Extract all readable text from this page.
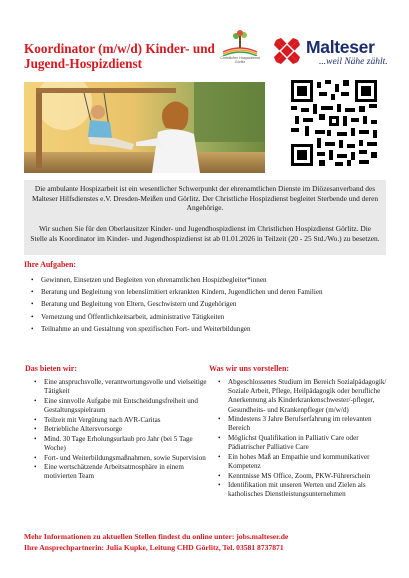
Koordinator (m/w/d) Kinder- und Jugend-Hospizdienst	Christlicher Hospizdienst Görlitz
Malteser
...weil Nähe zählt.

Die ambulante Hospizarbeit ist ein wesentlicher Schwerpunkt der ehrenamtlichen Dienste im Diözesanverband des Malteser Hilfsdienstes e.V. Dresden-Meißen und Görlitz. Der Christliche Hospizdienst begleitet Sterbende und deren Angehörige.

Wir suchen Sie für den Oberlausitzer Kinder- und Jugendhospizdienst im Christlichen Hospizdienst Görlitz. Die Stelle als Koordinator im Kinder- und Jugendhospizdienst ist ab 01.01.2026 in Teilzeit (20 - 25 Std./Wo.) zu besetzen.

Ihre Aufgaben:
• Gewinnen, Einsetzen und Begleiten von ehrenamtlichen Hospizbegleiter*innen
• Beratung und Begleitung von lebenslimitiert erkrankten Kindern, Jugendlichen und deren Familien
• Beratung und Begleitung von Eltern, Geschwistern und Zugehörigen
• Vernetzung und Öffentlichkeitsarbeit, administrative Tätigkeiten
• Teilnahme an und Gestaltung von spezifischen Fort- und Weiterbildungen
Das bieten wir:
• Eine anspruchsvolle, verantwortungsvolle und vielseitige Tätigkeit
• Eine sinnvolle Aufgabe mit Entscheidungsfreiheit und Gestaltungsspielraum
• Teilzeit mit Vergütung nach AVR-Caritas
• Betriebliche Altersvorsorge
• Mind. 30 Tage Erholungsurlaub pro Jahr (bei 5 Tage Woche)
• Fort- und Weiterbildungsmaßnahmen, sowie Supervision
• Eine wertschätzende Arbeitsatmosphäre in einem motivierten Team
Was wir uns vorstellen:
• Abgeschlossenes Studium im Bereich Sozialpädagogik/ Soziale Arbeit, Pflege, Heilpädagogik oder berufliche Anerkennung als Kinderkrankenschwester/-pfleger, Gesundheits- und Krankenpfleger (m/w/d)
• Mindestens 3 Jahre Berufserfahrung im relevanten Bereich
• Möglichst Qualifikation in Palliativ Care oder Pädiatrischer Palliative Care
• Ein hohes Maß an Empathie und kommunikativer Kompetenz
• Kenntnisse MS Office, Zoom, PKW-Führerschein
• Identifikation mit unseren Werten und Zielen als katholisches Dienstleistungsunternehmen
Mehr Informationen zu aktuellen Stellen findest du online unter: jobs.malteser.de
Ihre Ansprechpartnerin: Julia Kupke, Leitung CHD Görlitz, Tel. 03581 8737871
